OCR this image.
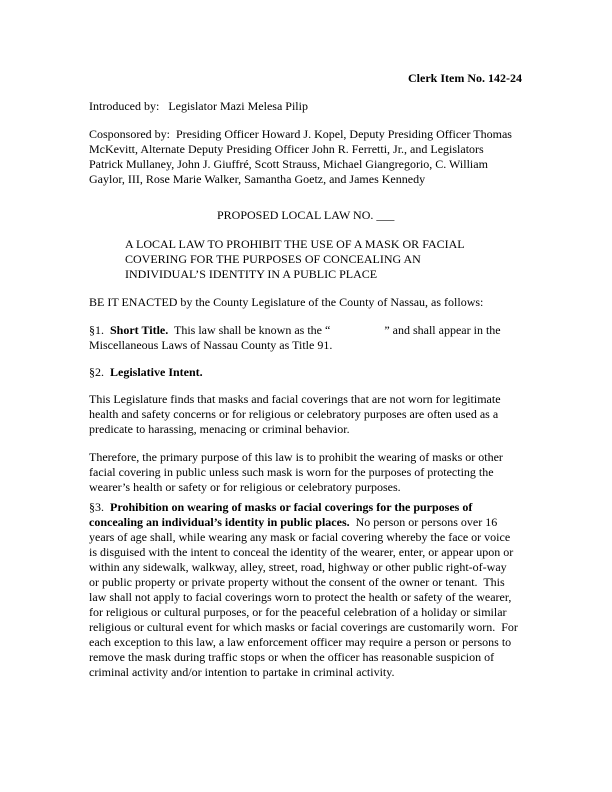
Clerk Item No. 142-24
Introduced by:   Legislator Mazi Melesa Pilip
Cosponsored by:  Presiding Officer Howard J. Kopel, Deputy Presiding Officer Thomas
McKevitt, Alternate Deputy Presiding Officer John R. Ferretti, Jr., and Legislators
Patrick Mullaney, John J. Giuffré, Scott Strauss, Michael Giangregorio, C. William
Gaylor, III, Rose Marie Walker, Samantha Goetz, and James Kennedy
PROPOSED LOCAL LAW NO. ___
A LOCAL LAW TO PROHIBIT THE USE OF A MASK OR FACIAL
COVERING FOR THE PURPOSES OF CONCEALING AN
INDIVIDUAL’S IDENTITY IN A PUBLIC PLACE
BE IT ENACTED by the County Legislature of the County of Nassau, as follows:
§1.  Short Title.  This law shall be known as the “                  ” and shall appear in the
Miscellaneous Laws of Nassau County as Title 91.
§2.  Legislative Intent.
This Legislature finds that masks and facial coverings that are not worn for legitimate
health and safety concerns or for religious or celebratory purposes are often used as a
predicate to harassing, menacing or criminal behavior.
Therefore, the primary purpose of this law is to prohibit the wearing of masks or other
facial covering in public unless such mask is worn for the purposes of protecting the
wearer’s health or safety or for religious or celebratory purposes.
§3.  Prohibition on wearing of masks or facial coverings for the purposes of
concealing an individual’s identity in public places.  No person or persons over 16
years of age shall, while wearing any mask or facial covering whereby the face or voice
is disguised with the intent to conceal the identity of the wearer, enter, or appear upon or
within any sidewalk, walkway, alley, street, road, highway or other public right-of-way
or public property or private property without the consent of the owner or tenant.  This
law shall not apply to facial coverings worn to protect the health or safety of the wearer,
for religious or cultural purposes, or for the peaceful celebration of a holiday or similar
religious or cultural event for which masks or facial coverings are customarily worn.  For
each exception to this law, a law enforcement officer may require a person or persons to
remove the mask during traffic stops or when the officer has reasonable suspicion of
criminal activity and/or intention to partake in criminal activity.
